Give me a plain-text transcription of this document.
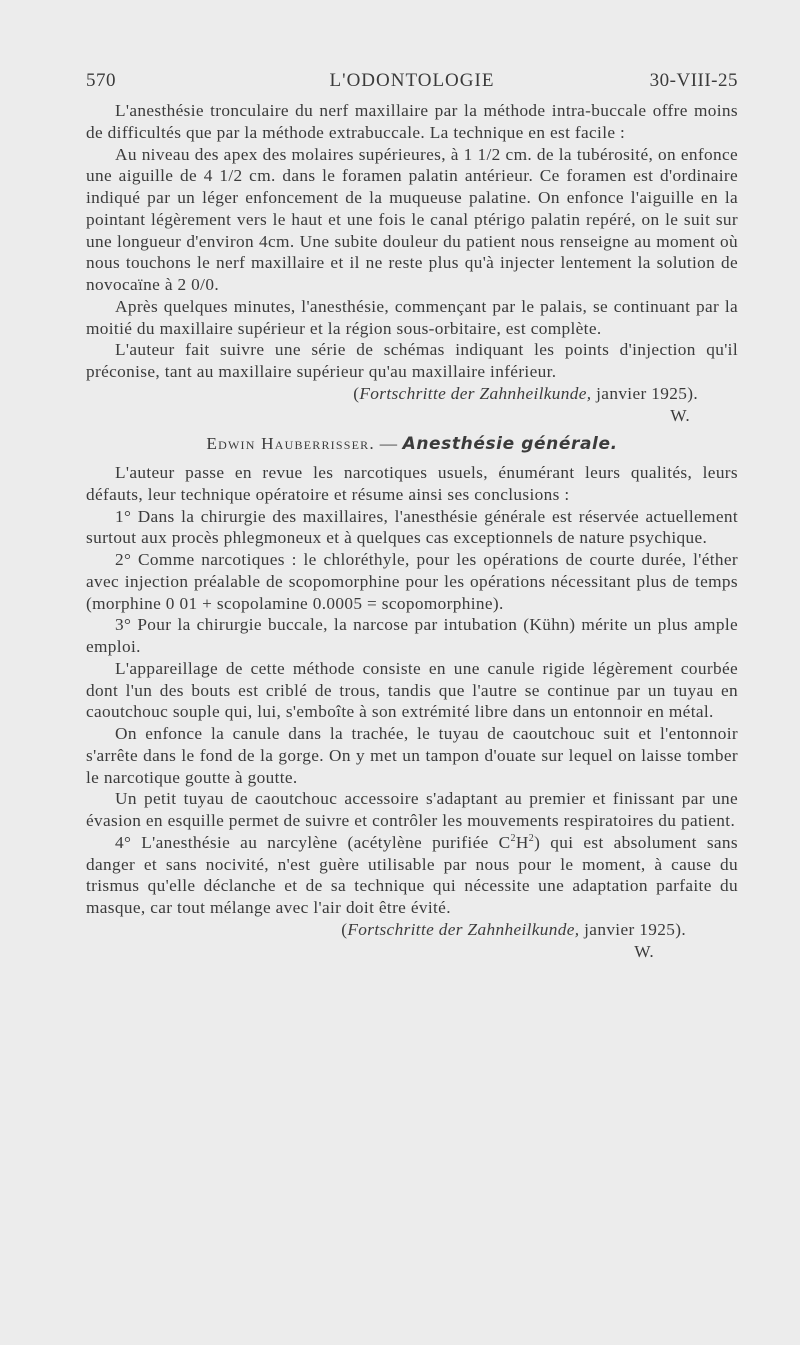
570	L'ODONTOLOGIE	30-VIII-25

L'anesthésie tronculaire du nerf maxillaire par la méthode intra-buccale offre moins de difficultés que par la méthode extrabuccale. La technique en est facile :

Au niveau des apex des molaires supérieures, à 1 1/2 cm. de la tubérosité, on enfonce une aiguille de 4 1/2 cm. dans le foramen palatin antérieur. Ce foramen est d'ordinaire indiqué par un léger enfoncement de la muqueuse palatine. On enfonce l'aiguille en la pointant légèrement vers le haut et une fois le canal ptérigo palatin repéré, on le suit sur une longueur d'environ 4cm. Une subite douleur du patient nous renseigne au moment où nous touchons le nerf maxillaire et il ne reste plus qu'à injecter lentement la solution de novocaïne à 2 0/0.

Après quelques minutes, l'anesthésie, commençant par le palais, se continuant par la moitié du maxillaire supérieur et la région sous-orbitaire, est complète.

L'auteur fait suivre une série de schémas indiquant les points d'injection qu'il préconise, tant au maxillaire supérieur qu'au maxillaire inférieur.

(Fortschritte der Zahnheilkunde, janvier 1925).

W.

Edwin Hauberrisser. — Anesthésie générale.

L'auteur passe en revue les narcotiques usuels, énumérant leurs qualités, leurs défauts, leur technique opératoire et résume ainsi ses conclusions :

1° Dans la chirurgie des maxillaires, l'anesthésie générale est réservée actuellement surtout aux procès phlegmoneux et à quelques cas exceptionnels de nature psychique.

2° Comme narcotiques : le chloréthyle, pour les opérations de courte durée, l'éther avec injection préalable de scopomorphine pour les opérations nécessitant plus de temps (morphine 0 01 + scopolamine 0.0005 = scopomorphine).

3° Pour la chirurgie buccale, la narcose par intubation (Kühn) mérite un plus ample emploi.

L'appareillage de cette méthode consiste en une canule rigide légèrement courbée dont l'un des bouts est criblé de trous, tandis que l'autre se continue par un tuyau en caoutchouc souple qui, lui, s'emboîte à son extrémité libre dans un entonnoir en métal.

On enfonce la canule dans la trachée, le tuyau de caoutchouc suit et l'entonnoir s'arrête dans le fond de la gorge. On y met un tampon d'ouate sur lequel on laisse tomber le narcotique goutte à goutte.

Un petit tuyau de caoutchouc accessoire s'adaptant au premier et finissant par une évasion en esquille permet de suivre et contrôler les mouvements respiratoires du patient.

4° L'anesthésie au narcylène (acétylène purifiée $C^2H^2$) qui est absolument sans danger et sans nocivité, n'est guère utilisable par nous pour le moment, à cause du trismus qu'elle déclanche et de sa technique qui nécessite une adaptation parfaite du masque, car tout mélange avec l'air doit être évité.

(Fortschritte der Zahnheilkunde, janvier 1925).

W.
